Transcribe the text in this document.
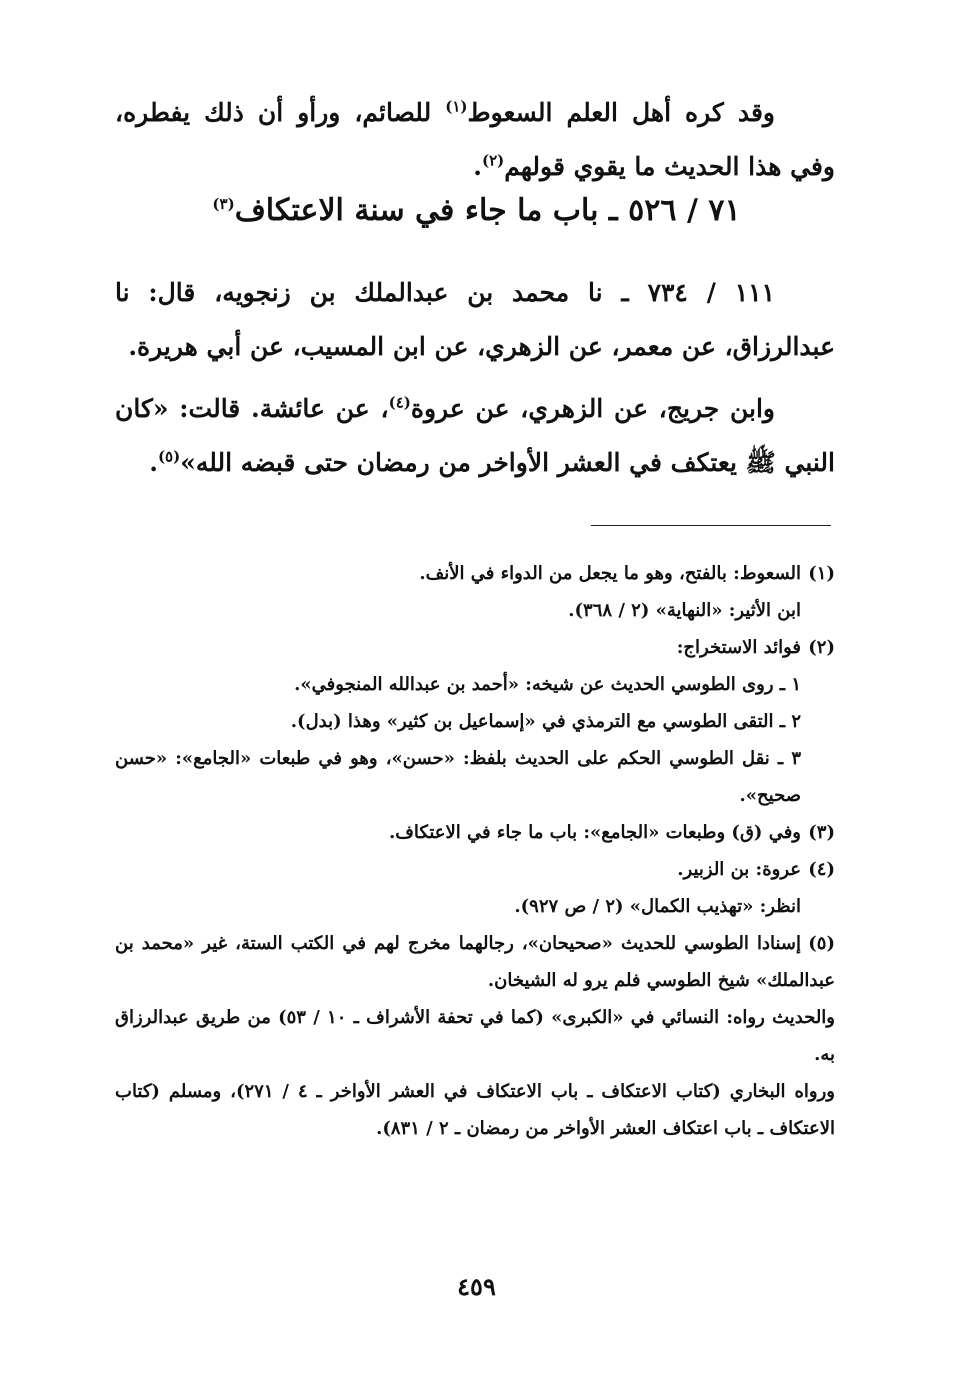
وقد كره أهل العلم السعوط$^{(١)}$ للصائم، ورأو أن ذلك يفطره، وفي هذا الحديث ما يقوي قولهم$^{(٢)}$.

٧١ / ٥٢٦ ـ باب ما جاء في سنة الاعتكاف$^{(٣)}$

١١١ / ٧٣٤ ـ نا محمد بن عبدالملك بن زنجويه، قال: نا عبدالرزاق، عن معمر، عن الزهري، عن ابن المسيب، عن أبي هريرة.

وابن جريج، عن الزهري، عن عروة$^{(٤)}$، عن عائشة. قالت: «كان النبي ﷺ يعتكف في العشر الأواخر من رمضان حتى قبضه الله»$^{(٥)}$.

(١)السعوط: بالفتح، وهو ما يجعل من الدواء في الأنف.

ابن الأثير: «النهاية» (٢ / ٣٦٨).

(٢)فوائد الاستخراج:

١ ـ روى الطوسي الحديث عن شيخه: «أحمد بن عبدالله المنجوفي».

٢ ـ التقى الطوسي مع الترمذي في «إسماعيل بن كثير» وهذا (بدل).

٣ ـ نقل الطوسي الحكم على الحديث بلفظ: «حسن»، وهو في طبعات «الجامع»: «حسن صحيح».

(٣)وفي (ق) وطبعات «الجامع»: باب ما جاء في الاعتكاف.

(٤)عروة: بن الزبير.

انظر: «تهذيب الكمال» (٢ / ص ٩٢٧).

(٥)إسنادا الطوسي للحديث «صحيحان»، رجالهما مخرج لهم في الكتب الستة، غير «محمد بن عبدالملك» شيخ الطوسي فلم يرو له الشيخان.

والحديث رواه: النسائي في «الكبرى» (كما في تحفة الأشراف ـ ١٠ / ٥٣) من طريق عبدالرزاق به.

ورواه البخاري (كتاب الاعتكاف ـ باب الاعتكاف في العشر الأواخر ـ ٤ / ٢٧١)، ومسلم (كتاب الاعتكاف ـ باب اعتكاف العشر الأواخر من رمضان ـ ٢ / ٨٣١).

٤٥٩
